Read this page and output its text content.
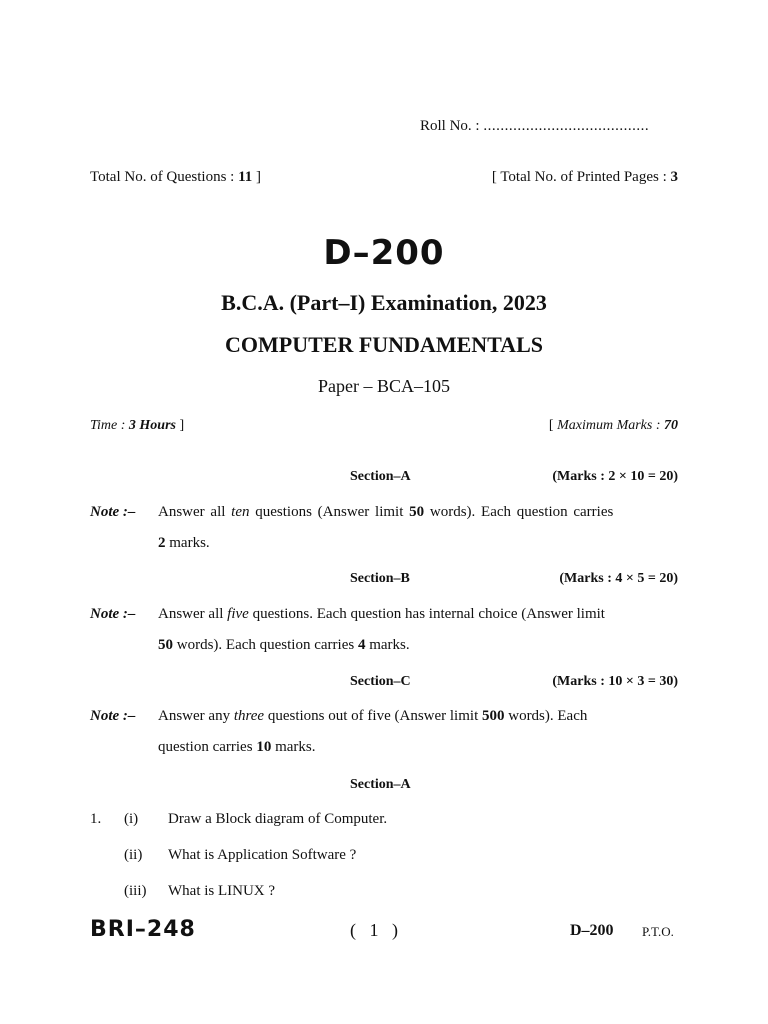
Roll No. : .......................................
Total No. of Questions : 11 ]	[ Total No. of Printed Pages : 3
D–200
B.C.A. (Part–I) Examination, 2023
COMPUTER FUNDAMENTALS
Paper – BCA–105
Time : 3 Hours ]	[ Maximum Marks : 70
Section–A	(Marks : 2 × 10 = 20)
Note :– Answer all ten questions (Answer limit 50 words). Each question carries
2 marks.
Section–B	(Marks : 4 × 5 = 20)
Note :– Answer all five questions. Each question has internal choice (Answer limit
50 words). Each question carries 4 marks.
Section–C	(Marks : 10 × 3 = 30)
Note :– Answer any three questions out of five (Answer limit 500 words). Each
question carries 10 marks.
Section–A
1. (i) Draw a Block diagram of Computer.
(ii) What is Application Software ?
(iii) What is LINUX ?
BRI–248	( 1 )	D–200 P.T.O.
